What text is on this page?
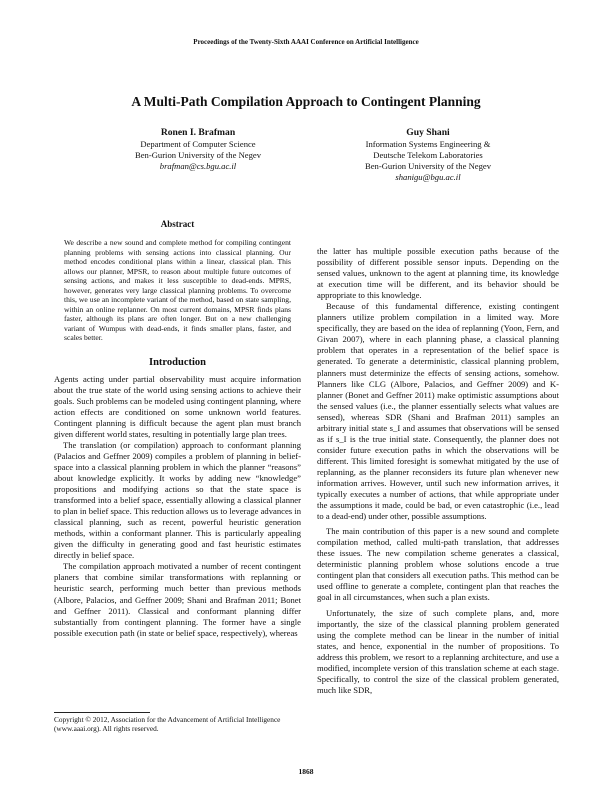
Proceedings of the Twenty-Sixth AAAI Conference on Artificial Intelligence
A Multi-Path Compilation Approach to Contingent Planning
Ronen I. Brafman
Department of Computer Science
Ben-Gurion University of the Negev
brafman@cs.bgu.ac.il
Guy Shani
Information Systems Engineering &
Deutsche Telekom Laboratories
Ben-Gurion University of the Negev
shanigu@bgu.ac.il
Abstract
We describe a new sound and complete method for compiling contingent planning problems with sensing actions into classical planning. Our method encodes conditional plans within a linear, classical plan. This allows our planner, MPSR, to reason about multiple future outcomes of sensing actions, and makes it less susceptible to dead-ends. MPRS, however, generates very large classical planning problems. To overcome this, we use an incomplete variant of the method, based on state sampling, within an online replanner. On most current domains, MPSR finds plans faster, although its plans are often longer. But on a new challenging variant of Wumpus with dead-ends, it finds smaller plans, faster, and scales better.
Introduction

Agents acting under partial observability must acquire information about the true state of the world using sensing actions to achieve their goals. Such problems can be modeled using contingent planning, where action effects are conditioned on some unknown world features. Contingent planning is difficult because the agent plan must branch given different world states, resulting in potentially large plan trees.

The translation (or compilation) approach to conformant planning (Palacios and Geffner 2009) compiles a problem of planning in belief-space into a classical planning problem in which the planner “reasons” about knowledge explicitly. It works by adding new “knowledge” propositions and modifying actions so that the state space is transformed into a belief space, essentially allowing a classical planner to plan in belief space. This reduction allows us to leverage advances in classical planning, such as recent, powerful heuristic generation methods, within a conformant planner. This is particularly appealing given the difficulty in generating good and fast heuristic estimates directly in belief space.

The compilation approach motivated a number of recent contingent planers that combine similar transformations with replanning or heuristic search, performing much better than previous methods (Albore, Palacios, and Geffner 2009; Shani and Brafman 2011; Bonet and Geffner 2011). Classical and conformant planning differ substantially from contingent planning. The former have a single possible execution path (in state or belief space, respectively), whereas

the latter has multiple possible execution paths because of the possibility of different possible sensor inputs. Depending on the sensed values, unknown to the agent at planning time, its knowledge at execution time will be different, and its behavior should be appropriate to this knowledge.

Because of this fundamental difference, existing contingent planners utilize problem compilation in a limited way. More specifically, they are based on the idea of replanning (Yoon, Fern, and Givan 2007), where in each planning phase, a classical planning problem that operates in a representation of the belief space is generated. To generate a deterministic, classical planning problem, planners must determinize the effects of sensing actions, somehow. Planners like CLG (Albore, Palacios, and Geffner 2009) and K-planner (Bonet and Geffner 2011) make optimistic assumptions about the sensed values (i.e., the planner essentially selects what values are sensed), whereas SDR (Shani and Brafman 2011) samples an arbitrary initial state s_I and assumes that observations will be sensed as if s_I is the true initial state. Consequently, the planner does not consider future execution paths in which the observations will be different. This limited foresight is somewhat mitigated by the use of replanning, as the planner reconsiders its future plan whenever new information arrives. However, until such new information arrives, it typically executes a number of actions, that while appropriate under the assumptions it made, could be bad, or even catastrophic (i.e., lead to a dead-end) under other, possible assumptions.

The main contribution of this paper is a new sound and complete compilation method, called multi-path translation, that addresses these issues. The new compilation scheme generates a classical, deterministic planning problem whose solutions encode a true contingent plan that considers all execution paths. This method can be used offline to generate a complete, contingent plan that reaches the goal in all circumstances, when such a plan exists.

Unfortunately, the size of such complete plans, and, more importantly, the size of the classical planning problem generated using the complete method can be linear in the number of initial states, and hence, exponential in the number of propositions. To address this problem, we resort to a replanning architecture, and use a modified, incomplete version of this translation scheme at each stage. Specifically, to control the size of the classical problem generated, much like SDR,

Copyright © 2012, Association for the Advancement of Artificial Intelligence (www.aaai.org). All rights reserved.
1868
